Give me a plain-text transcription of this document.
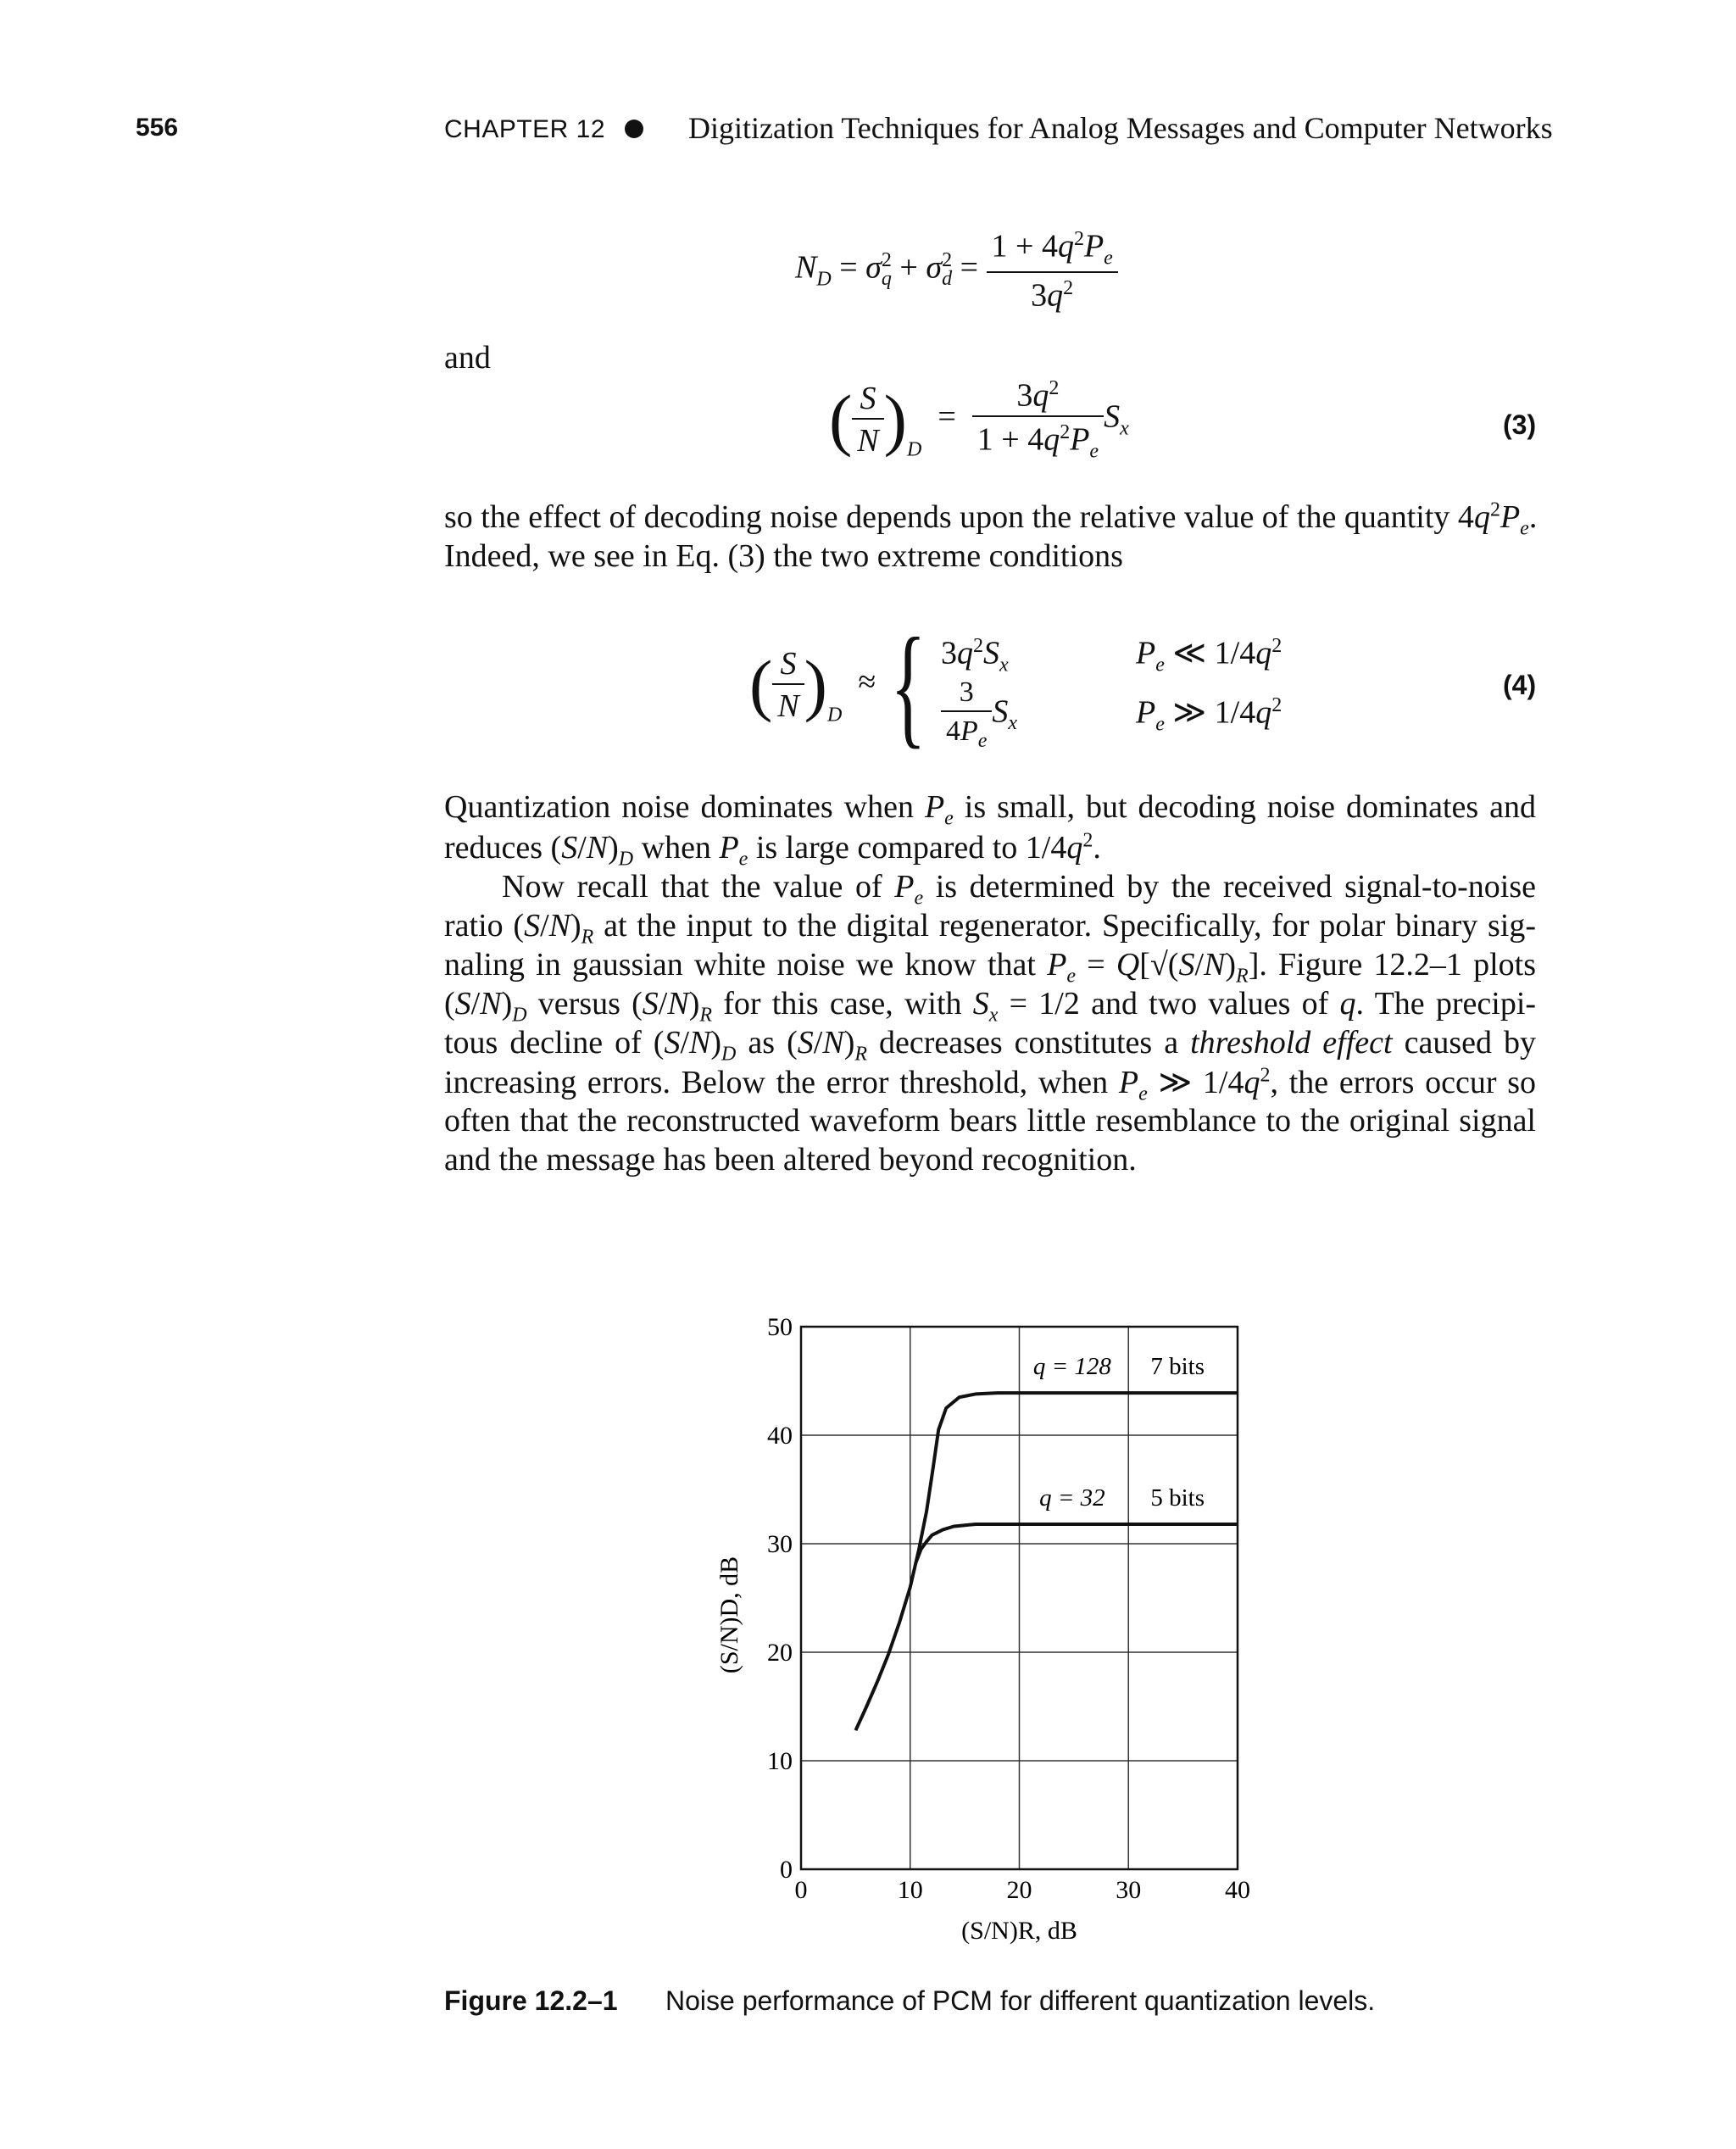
556	CHAPTER 12	Digitization Techniques for Analog Messages and Computer Networks
$N_D = \sigma^2_q + \sigma^2_d = \frac{1 + 4q^2P_e}{3q^2}$
and
( $\frac{S}{N} )_D = \frac{3q^2}{1 + 4q^2P_e} S_x$	(3)
so the effect of decoding noise depends upon the relative value of the quantity $4q^2P_e$.
Indeed, we see in Eq. (3) the two extreme conditions
( $\frac{S}{N} )_D$  ≈ { $3q^2S_x$	$P_e$ ≪ $1/4q^2$
$\frac{3}{4P_e} S_x$	$P_e$ ≫ $1/4q^2$
(4)
Quantization noise dominates when $P_e$ is small, but decoding noise dominates and
reduces $(S/N)_D$ when $P_e$ is large compared to $1/4q^2$.
Now recall that the value of $P_e$ is determined by the received signal-to-noise
ratio $(S/N)_R$ at the input to the digital regenerator. Specifically, for polar binary sig-
naling in gaussian white noise we know that $P_e = Q[√(S/N)_R]$. Figure 12.2–1 plots
$(S/N)_D$ versus $(S/N)_R$ for this case, with $S_x = 1/2$ and two values of q. The precipi-
tous decline of $(S/N)_D$ as $(S/N)_R$ decreases constitutes a threshold effect caused by
increasing errors. Below the error threshold, when $P_e$ ≫ $1/4q^2$, the errors occur so
often that the reconstructed waveform bears little resemblance to the original signal
and the message has been altered beyond recognition.
0	10	20	30	40
0
10
20
30
40
50
(S/N)R, dB
(S/N)D, dB
q = 128 7 bits
q = 32 5 bits
Figure 12.2–1 Noise performance of PCM for different quantization levels.
